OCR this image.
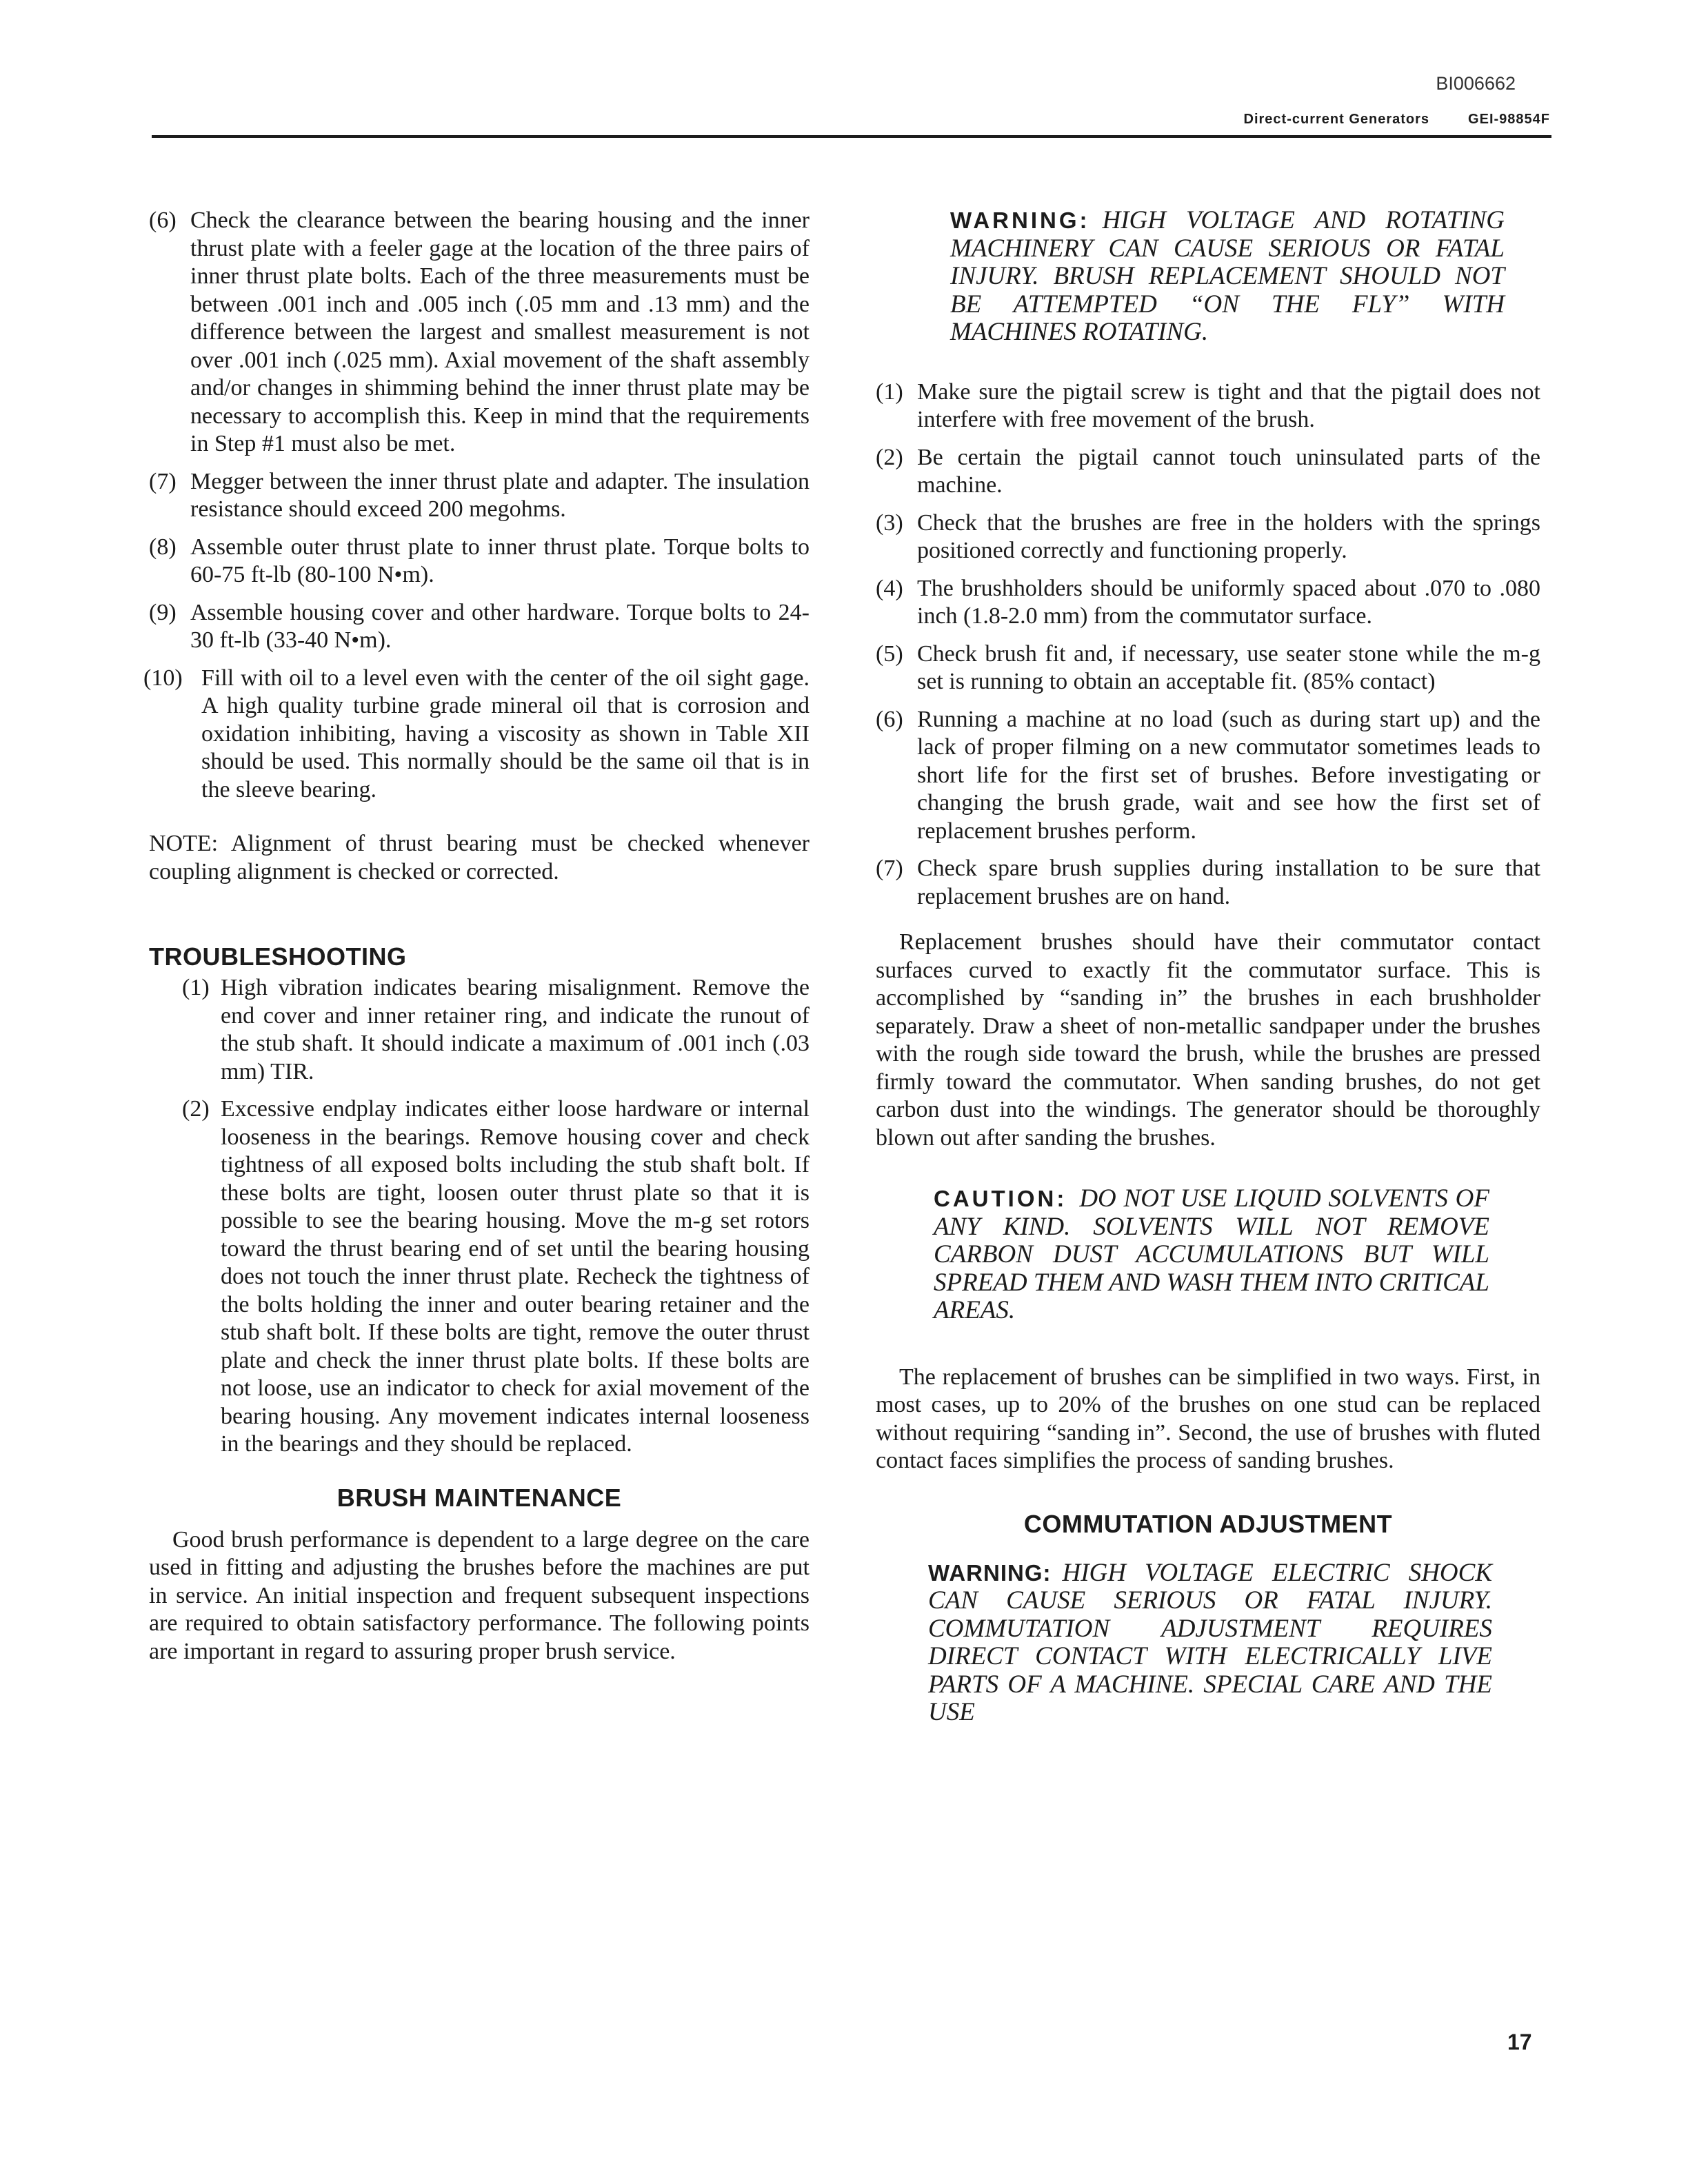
BI006662
Direct-current Generators	GEI-98854F
(6) Check the clearance between the bearing housing and the inner thrust plate with a feeler gage at the location of the three pairs of inner thrust plate bolts. Each of the three measurements must be between .001 inch and .005 inch (.05 mm and .13 mm) and the difference between the largest and smallest measurement is not over .001 inch (.025 mm). Axial movement of the shaft assembly and/or changes in shimming behind the inner thrust plate may be necessary to accomplish this. Keep in mind that the requirements in Step #1 must also be met.
(7) Megger between the inner thrust plate and adapter. The insulation resistance should exceed 200 megohms.
(8) Assemble outer thrust plate to inner thrust plate. Torque bolts to 60-75 ft-lb (80-100 N•m).
(9) Assemble housing cover and other hardware. Torque bolts to 24-30 ft-lb (33-40 N•m).
(10) Fill with oil to a level even with the center of the oil sight gage. A high quality turbine grade mineral oil that is corrosion and oxidation inhibiting, having a viscosity as shown in Table XII should be used. This normally should be the same oil that is in the sleeve bearing.

NOTE: Alignment of thrust bearing must be checked whenever coupling alignment is checked or corrected.

TROUBLESHOOTING
(1) High vibration indicates bearing misalignment. Remove the end cover and inner retainer ring, and indicate the runout of the stub shaft. It should indicate a maximum of .001 inch (.03 mm) TIR.
(2) Excessive endplay indicates either loose hardware or internal looseness in the bearings. Remove housing cover and check tightness of all exposed bolts including the stub shaft bolt. If these bolts are tight, loosen outer thrust plate so that it is possible to see the bearing housing. Move the m-g set rotors toward the thrust bearing end of set until the bearing housing does not touch the inner thrust plate. Recheck the tightness of the bolts holding the inner and outer bearing retainer and the stub shaft bolt. If these bolts are tight, remove the outer thrust plate and check the inner thrust plate bolts. If these bolts are not loose, use an indicator to check for axial movement of the bearing housing. Any movement indicates internal looseness in the bearings and they should be replaced.
BRUSH MAINTENANCE

Good brush performance is dependent to a large degree on the care used in fitting and adjusting the brushes before the machines are put in service. An initial inspection and frequent subsequent inspections are required to obtain satisfactory performance. The following points are important in regard to assuring proper brush service.

WARNING: HIGH VOLTAGE AND ROTATING MACHINERY CAN CAUSE SERIOUS OR FATAL INJURY. BRUSH REPLACEMENT SHOULD NOT BE ATTEMPTED “ON THE FLY” WITH MACHINES ROTATING.
(1) Make sure the pigtail screw is tight and that the pigtail does not interfere with free movement of the brush.
(2) Be certain the pigtail cannot touch uninsulated parts of the machine.
(3) Check that the brushes are free in the holders with the springs positioned correctly and functioning properly.
(4) The brushholders should be uniformly spaced about .070 to .080 inch (1.8-2.0 mm) from the commutator surface.
(5) Check brush fit and, if necessary, use seater stone while the m-g set is running to obtain an acceptable fit. (85% contact)
(6) Running a machine at no load (such as during start up) and the lack of proper filming on a new commutator sometimes leads to short life for the first set of brushes. Before investigating or changing the brush grade, wait and see how the first set of replacement brushes perform.
(7) Check spare brush supplies during installation to be sure that replacement brushes are on hand.

Replacement brushes should have their commutator contact surfaces curved to exactly fit the commutator surface. This is accomplished by “sanding in” the brushes in each brushholder separately. Draw a sheet of non-metallic sandpaper under the brushes with the rough side toward the brush, while the brushes are pressed firmly toward the commutator. When sanding brushes, do not get carbon dust into the windings. The generator should be thoroughly blown out after sanding the brushes.

CAUTION: DO NOT USE LIQUID SOLVENTS OF ANY KIND. SOLVENTS WILL NOT REMOVE CARBON DUST ACCUMULATIONS BUT WILL SPREAD THEM AND WASH THEM INTO CRITICAL AREAS.

The replacement of brushes can be simplified in two ways. First, in most cases, up to 20% of the brushes on one stud can be replaced without requiring “sanding in”. Second, the use of brushes with fluted contact faces simplifies the process of sanding brushes.

COMMUTATION ADJUSTMENT
WARNING: HIGH VOLTAGE ELECTRIC SHOCK CAN CAUSE SERIOUS OR FATAL INJURY. COMMUTATION ADJUSTMENT REQUIRES DIRECT CONTACT WITH ELECTRICALLY LIVE PARTS OF A MACHINE. SPECIAL CARE AND THE USE
17
